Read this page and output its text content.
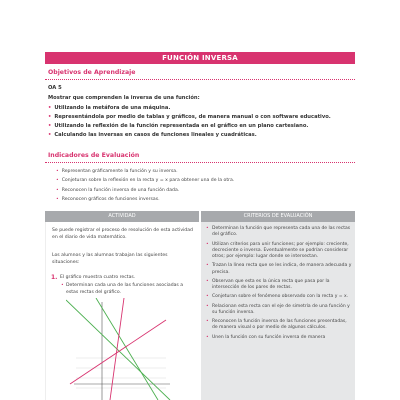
FUNCIÓN INVERSA
Objetivos de Aprendizaje
OA 5
Mostrar que comprenden la inversa de una función:
• Utilizando la metáfora de una máquina.
• Representándola por medio de tablas y gráficos, de manera manual o con software educativo.
• Utilizando la reflexión de la función representada en el gráfico en un plano cartesiano.
• Calculando las inversas en casos de funciones lineales y cuadráticas.
Indicadores de Evaluación
• Representan gráficamente la función y su inversa.
• Conjeturan sobre la reflexión en la recta y = x para obtener una de la otra.
• Reconocen la función inversa de una función dada.
• Reconocen gráficos de funciones inversas.
ACTIVIDAD	CRITERIOS DE EVALUACIÓN
Se puede registrar el proceso de resolución de esta actividad en el diario de vida matemático.
Los alumnos y las alumnas trabajan las siguientes situaciones:
1. El gráfico muestra cuatro rectas.
• Determinan cada una de las funciones asociadas a estas rectas del gráfico.
• Determinan la función que representa cada una de las rectas del gráfico.
• Utilizan criterios para unir funciones; por ejemplo: creciente, decreciente o inversa. Eventualmente se podrían considerar otros; por ejemplo: lugar donde se intersectan.
• Trazan la línea recta que se les indica, de manera adecuada y precisa.
• Observan que esta es la única recta que pasa por la intersección de los pares de rectas.
• Conjeturan sobre el fenómeno observado con la recta y = x.
• Relacionan esta recta con el eje de simetría de una función y su función inversa.
• Reconocen la función inversa de las funciones presentadas, de manera visual o por medio de algunos cálculos.
• Unen la función con su función inversa de manera
